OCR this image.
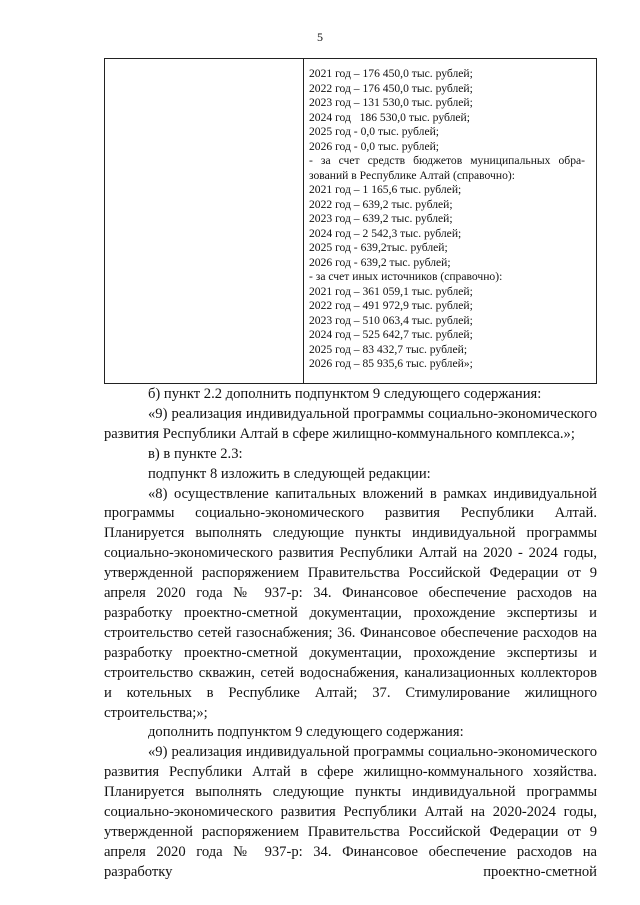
5
2021 год – 176 450,0 тыс. рублей;
2022 год – 176 450,0 тыс. рублей;
2023 год – 131 530,0 тыс. рублей;
2024 год   186 530,0 тыс. рублей;
2025 год - 0,0 тыс. рублей;
2026 год - 0,0 тыс. рублей;
- за счет средств бюджетов муниципальных обра-
зований в Республике Алтай (справочно):
2021 год – 1 165,6 тыс. рублей;
2022 год – 639,2 тыс. рублей;
2023 год – 639,2 тыс. рублей;
2024 год – 2 542,3 тыс. рублей;
2025 год - 639,2тыс. рублей;
2026 год - 639,2 тыс. рублей;
- за счет иных источников (справочно):
2021 год – 361 059,1 тыс. рублей;
2022 год – 491 972,9 тыс. рублей;
2023 год – 510 063,4 тыс. рублей;
2024 год – 525 642,7 тыс. рублей;
2025 год – 83 432,7 тыс. рублей;
2026 год – 85 935,6 тыс. рублей»;
б) пункт 2.2 дополнить подпунктом 9 следующего содержания:
«9) реализация индивидуальной программы социально-экономического развития Республики Алтай в сфере жилищно-коммунального комплекса.»;
в) в пункте 2.3:
подпункт 8 изложить в следующей редакции:
«8) осуществление капитальных вложений в рамках индивидуальной программы социально-экономического развития Республики Алтай. Планируется выполнять следующие пункты индивидуальной программы социально-экономического развития Республики Алтай на 2020 - 2024 годы, утвержденной распоряжением Правительства Российской Федерации от 9 апреля 2020 года № 937-р: 34. Финансовое обеспечение расходов на разработку проектно-сметной документации, прохождение экспертизы и строительство сетей газоснабжения; 36. Финансовое обеспечение расходов на разработку проектно-сметной документации, прохождение экспертизы и строительство скважин, сетей водоснабжения, канализационных коллекторов и котельных в Республике Алтай; 37. Стимулирование жилищного строительства;»;
дополнить подпунктом 9 следующего содержания:
«9) реализация индивидуальной программы социально-экономического развития Республики Алтай в сфере жилищно-коммунального хозяйства. Планируется выполнять следующие пункты индивидуальной программы социально-экономического развития Республики Алтай на 2020-2024 годы, утвержденной распоряжением Правительства Российской Федерации от 9 апреля 2020 года № 937-р: 34. Финансовое обеспечение расходов на разработку проектно-сметной
